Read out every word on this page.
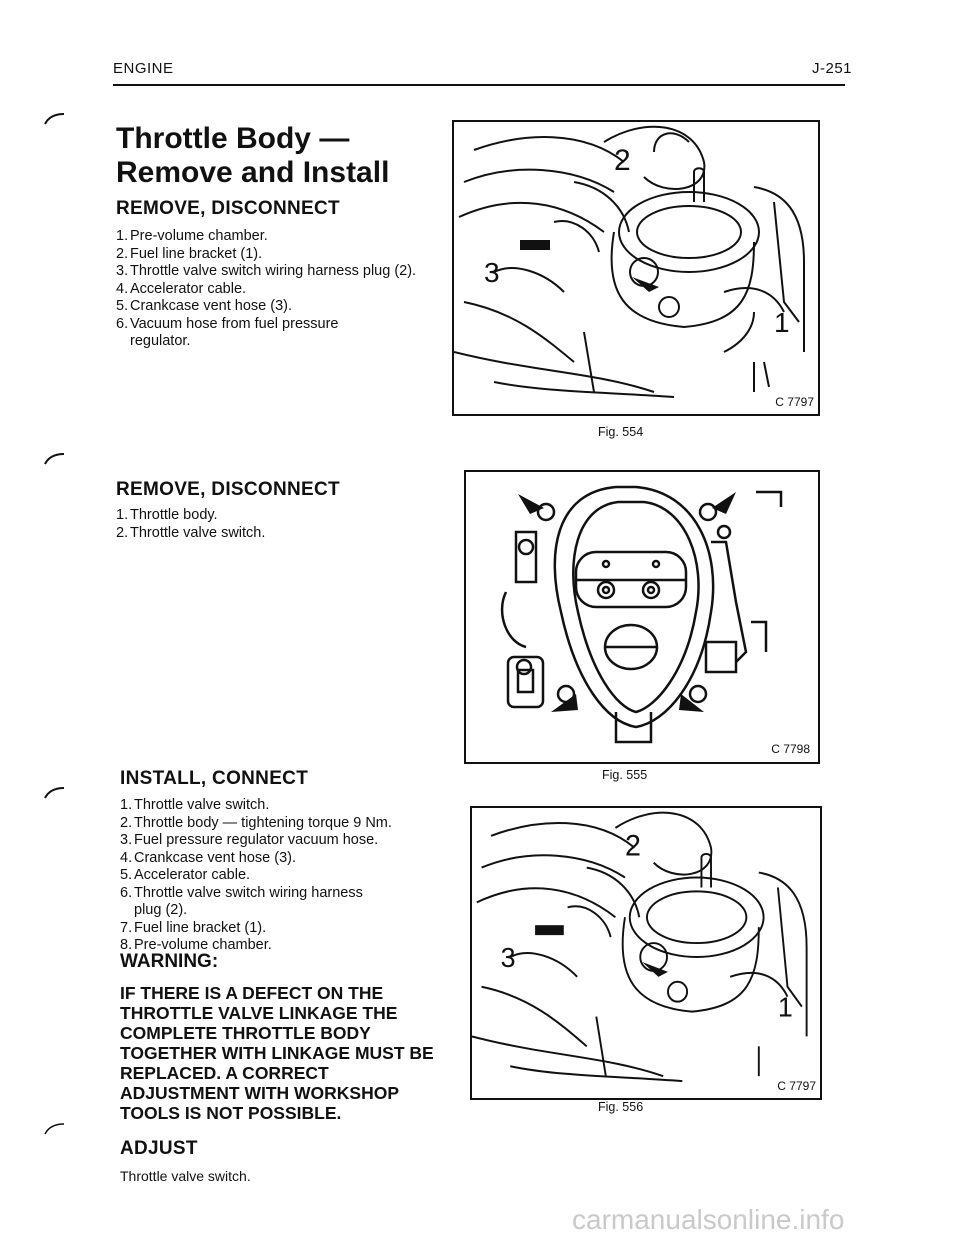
ENGINE	J-251
Throttle Body — Remove and Install
REMOVE, DISCONNECT
1. Pre-volume chamber.
2. Fuel line bracket (1).
3. Throttle valve switch wiring harness plug (2).
4. Accelerator cable.
5. Crankcase vent hose (3).
6. Vacuum hose from fuel pressure regulator.
REMOVE, DISCONNECT
1. Throttle body.
2. Throttle valve switch.
INSTALL, CONNECT
1. Throttle valve switch.
2. Throttle body — tightening torque 9 Nm.
3. Fuel pressure regulator vacuum hose.
4. Crankcase vent hose (3).
5. Accelerator cable.
6. Throttle valve switch wiring harness plug (2).
7. Fuel line bracket (1).
8. Pre-volume chamber.
WARNING:
IF THERE IS A DEFECT ON THE THROTTLE VALVE LINKAGE THE COMPLETE THROTTLE BODY TOGETHER WITH LINKAGE MUST BE REPLACED. A CORRECT ADJUSTMENT WITH WORKSHOP TOOLS IS NOT POSSIBLE.
ADJUST
Throttle valve switch.
2
3
1
C 7797
Fig. 554
C 7798
Fig. 555
2
3
1
C 7797
Fig. 556
carmanualsonline.info
